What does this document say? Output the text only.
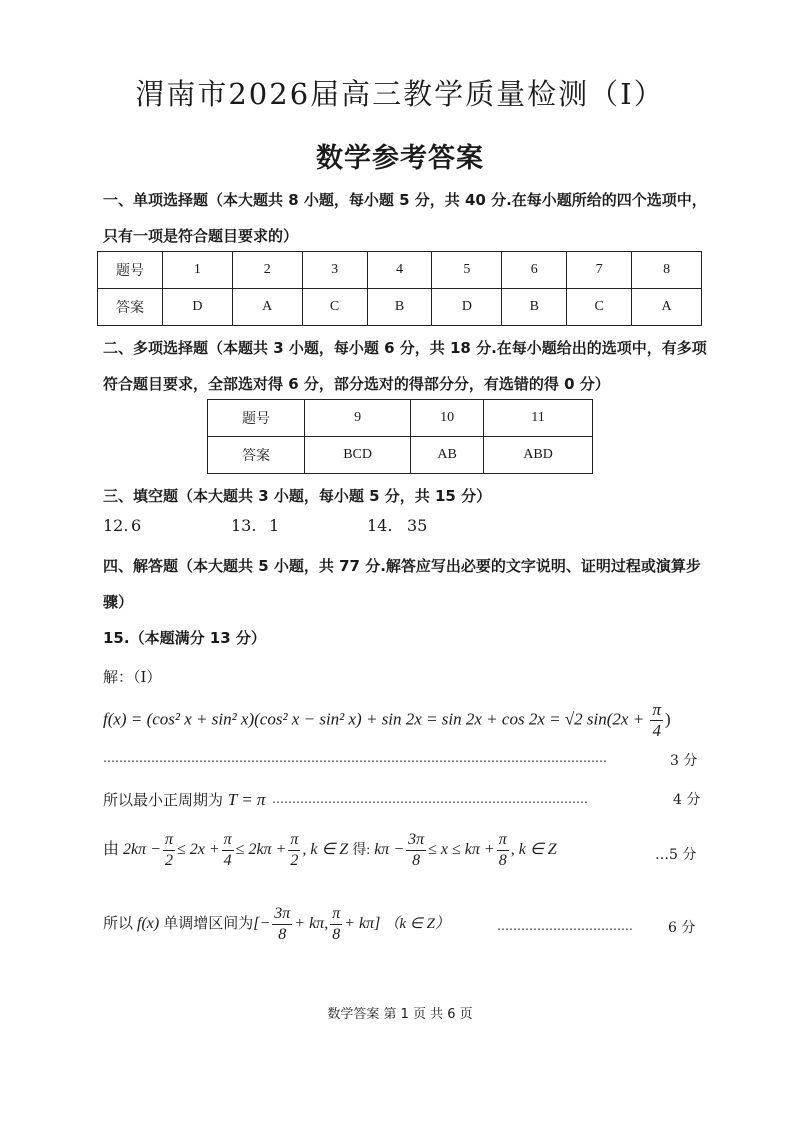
渭南市2026届高三教学质量检测（Ⅰ）
数学参考答案
一、单项选择题（本大题共 8 小题，每小题 5 分，共 40 分.在每小题所给的四个选项中，
只有一项是符合题目要求的）
题号	1	2	3	4	5	6	7	8
答案	D	A	C	B	D	B	C	A
二、多项选择题（本题共 3 小题，每小题 6 分，共 18 分.在每小题给出的选项中，有多项
符合题目要求，全部选对得 6 分，部分选对的得部分分，有选错的得 0 分）
题号	9	10	11
答案	BCD	AB	ABD
三、填空题（本大题共 3 小题，每小题 5 分，共 15 分）
12. 6	13. 1	14. 35
四、解答题（本大题共 5 小题，共 77 分.解答应写出必要的文字说明、证明过程或演算步
骤）
15.（本题满分 13 分）
解：（Ⅰ）
f(x) = (cos² x + sin² x)(cos² x − sin² x) + sin 2x = sin 2x + cos 2x = √2 $\sin(2x + \frac{\pi}{4}$ )
………………………………………………………………………………………………………………	3 分
所以最小正周期为 T = π …………………………………………………………………….	4 分
由 $2k\pi - \frac{\pi}{2} \le 2x + \frac{\pi}{4} \le 2k\pi + \frac{\pi}{2}$ , k ∈ Z 得: $k\pi - \frac{3\pi}{8} \le x \le k\pi + \frac{\pi}{8}$ , k ∈ Z	…5 分
所以 f(x) 单调增区间为[− $\frac{3\pi}{8} + k\pi$, $\frac{\pi}{8} + k\pi$] （k ∈ Z）	…………………………….	6 分
数学答案 第 1 页 共 6 页
